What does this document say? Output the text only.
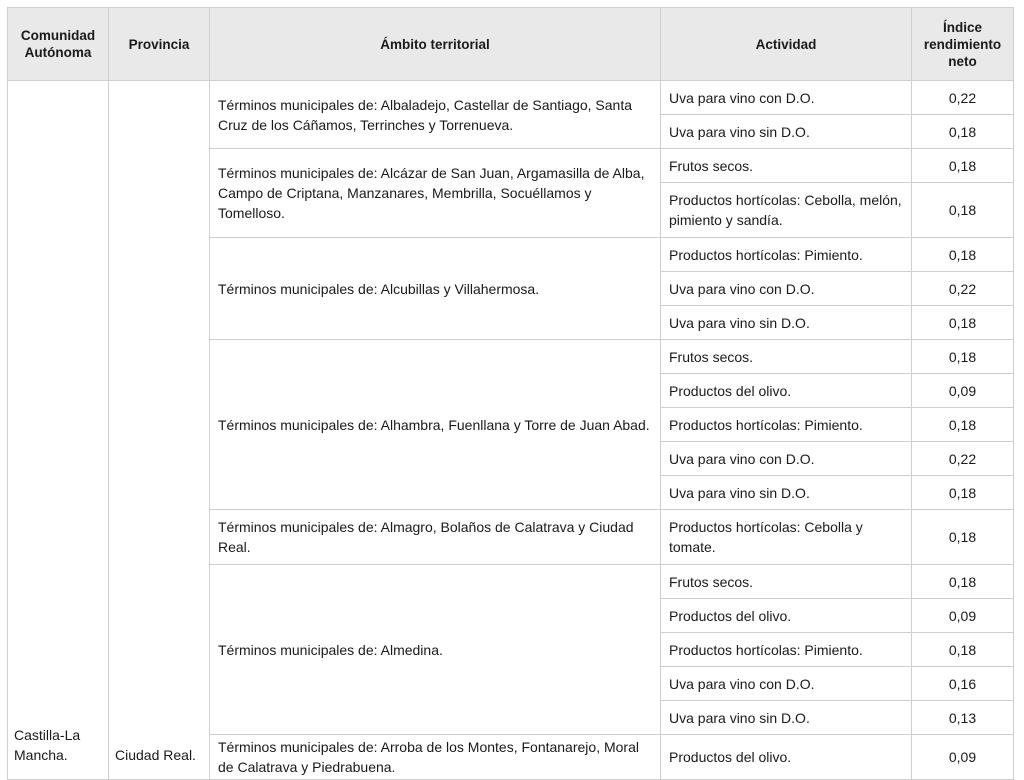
Comunidad Autónoma	Provincia	Ámbito territorial	Actividad	Índice rendimiento neto
Castilla-La Mancha.	Ciudad Real.	Términos municipales de: Albaladejo, Castellar de Santiago, Santa Cruz de los Cáñamos, Terrinches y Torrenueva.	Uva para vino con D.O.	0,22
			Uva para vino sin D.O.	0,18
		Términos municipales de: Alcázar de San Juan, Argamasilla de Alba, Campo de Criptana, Manzanares, Membrilla, Socuéllamos y Tomelloso.	Frutos secos.	0,18
			Productos hortícolas: Cebolla, melón, pimiento y sandía.	0,18
		Términos municipales de: Alcubillas y Villahermosa.	Productos hortícolas: Pimiento.	0,18
			Uva para vino con D.O.	0,22
			Uva para vino sin D.O.	0,18
		Términos municipales de: Alhambra, Fuenllana y Torre de Juan Abad.	Frutos secos.	0,18
			Productos del olivo.	0,09
			Productos hortícolas: Pimiento.	0,18
			Uva para vino con D.O.	0,22
			Uva para vino sin D.O.	0,18
		Términos municipales de: Almagro, Bolaños de Calatrava y Ciudad Real.	Productos hortícolas: Cebolla y tomate.	0,18
		Términos municipales de: Almedina.	Frutos secos.	0,18
			Productos del olivo.	0,09
			Productos hortícolas: Pimiento.	0,18
			Uva para vino con D.O.	0,16
			Uva para vino sin D.O.	0,13
		Términos municipales de: Arroba de los Montes, Fontanarejo, Moral de Calatrava y Piedrabuena.	Productos del olivo.	0,09
